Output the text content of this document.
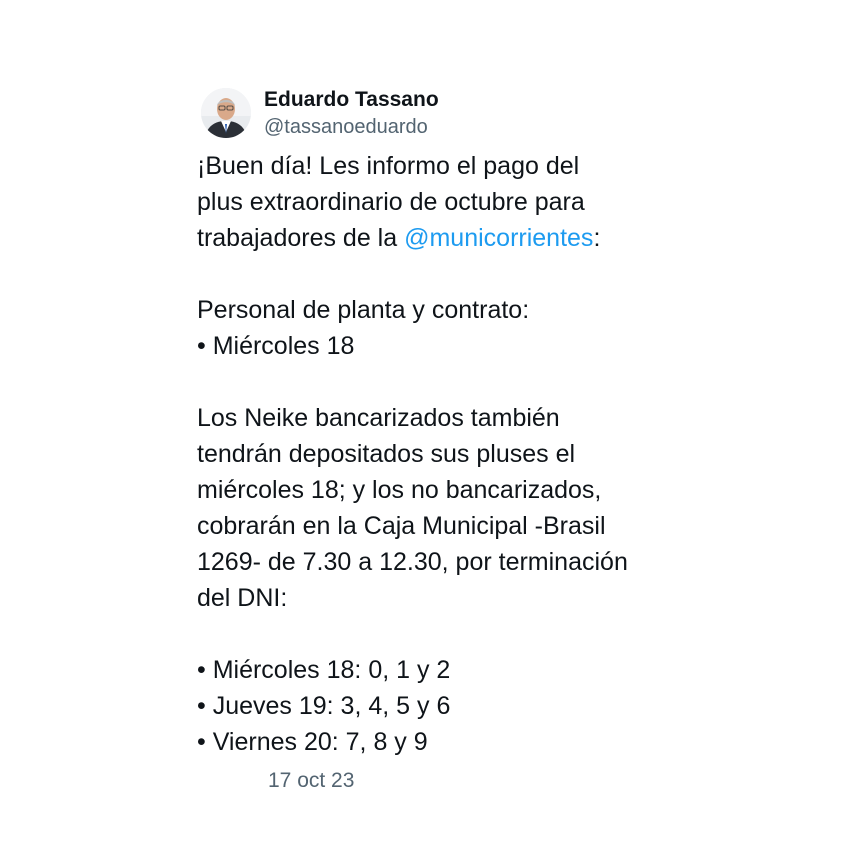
Eduardo Tassano
@tassanoeduardo
¡Buen día! Les informo el pago del
plus extraordinario de octubre para
trabajadores de la @municorrientes:
Personal de planta y contrato:
• Miércoles 18
Los Neike bancarizados también
tendrán depositados sus pluses el
miércoles 18; y los no bancarizados,
cobrarán en la Caja Municipal -Brasil
1269- de 7.30 a 12.30, por terminación
del DNI:
• Miércoles 18: 0, 1 y 2
• Jueves 19: 3, 4, 5 y 6
• Viernes 20: 7, 8 y 9
17 oct 23
